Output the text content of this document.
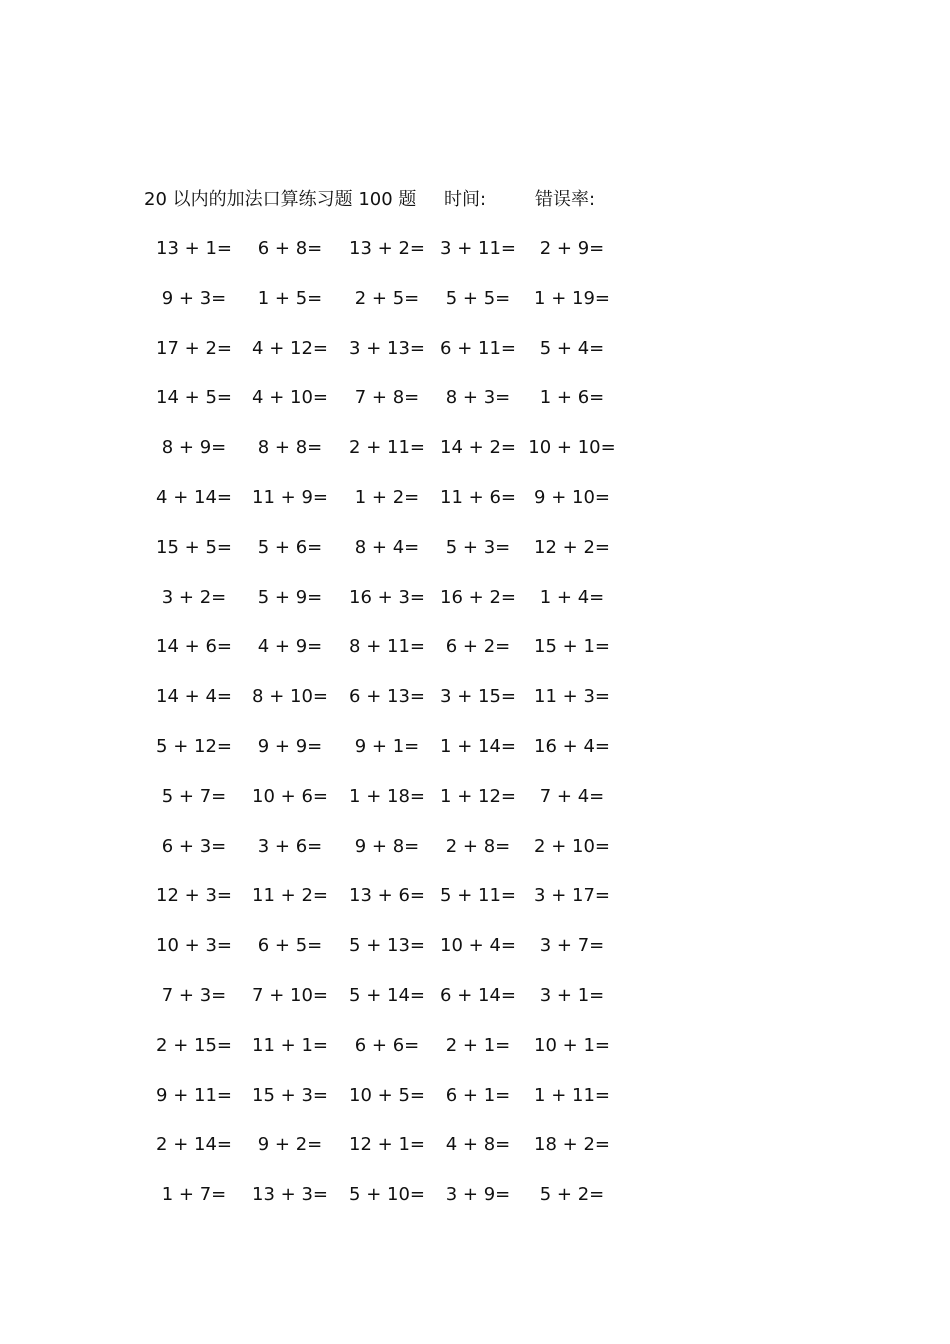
20 以内的加法口算练习题 100 题 时间:	错误率:
13 + 1=	6 + 8=	13 + 2= 3 + 11=	2 + 9=
9 + 3=	1 + 5=	2 + 5=	5 + 5=	1 + 19=
17 + 2=	4 + 12=	3 + 13= 6 + 11=	5 + 4=
14 + 5=	4 + 10=	7 + 8=	8 + 3=	1 + 6=
8 + 9=	8 + 8=	2 + 11= 14 + 2= 10 + 10=
4 + 14=	11 + 9=	1 + 2=	11 + 6=	9 + 10=
15 + 5=	5 + 6=	8 + 4=	5 + 3=	12 + 2=
3 + 2=	5 + 9=	16 + 3= 16 + 2=	1 + 4=
14 + 6=	4 + 9=	8 + 11=	6 + 2=	15 + 1=
14 + 4=	8 + 10=	6 + 13= 3 + 15=	11 + 3=
5 + 12=	9 + 9=	9 + 1=	1 + 14=	16 + 4=
5 + 7=	10 + 6=	1 + 18= 1 + 12=	7 + 4=
6 + 3=	3 + 6=	9 + 8=	2 + 8=	2 + 10=
12 + 3=	11 + 2=	13 + 6= 5 + 11=	3 + 17=
10 + 3=	6 + 5=	5 + 13= 10 + 4=	3 + 7=
7 + 3=	7 + 10=	5 + 14= 6 + 14=	3 + 1=
2 + 15=	11 + 1=	6 + 6=	2 + 1=	10 + 1=
9 + 11=	15 + 3=	10 + 5=	6 + 1=	1 + 11=
2 + 14=	9 + 2=	12 + 1=	4 + 8=	18 + 2=
1 + 7=	13 + 3=	5 + 10=	3 + 9=	5 + 2=
